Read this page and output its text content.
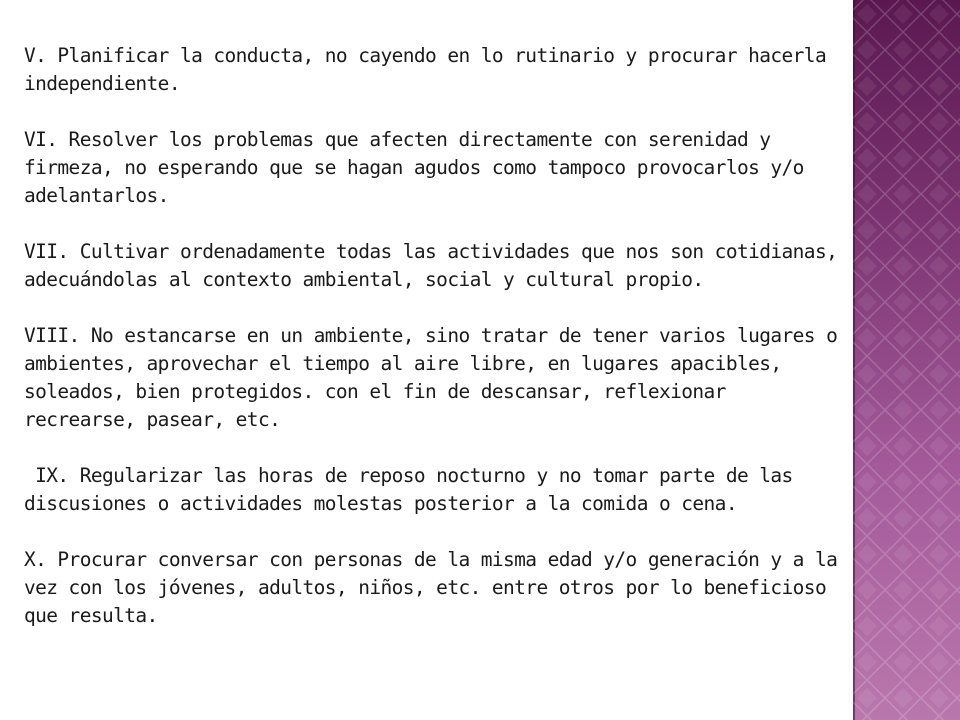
V. Planificar la conducta, no cayendo en lo rutinario y procurar hacerla independiente.

VI. Resolver los problemas que afecten directamente con serenidad y firmeza, no esperando que se hagan agudos como tampoco provocarlos y/o adelantarlos.

VII. Cultivar ordenadamente todas las actividades que nos son cotidianas, adecuándolas al contexto ambiental, social y cultural propio.

VIII. No estancarse en un ambiente, sino tratar de tener varios lugares o ambientes, aprovechar el tiempo al aire libre, en lugares apacibles, soleados, bien protegidos. con el fin de descansar, reflexionar recrearse, pasear, etc.

IX. Regularizar las horas de reposo nocturno y no tomar parte de las discusiones o actividades molestas posterior a la comida o cena.

X. Procurar conversar con personas de la misma edad y/o generación y a la vez con los jóvenes, adultos, niños, etc. entre otros por lo beneficioso que resulta.
